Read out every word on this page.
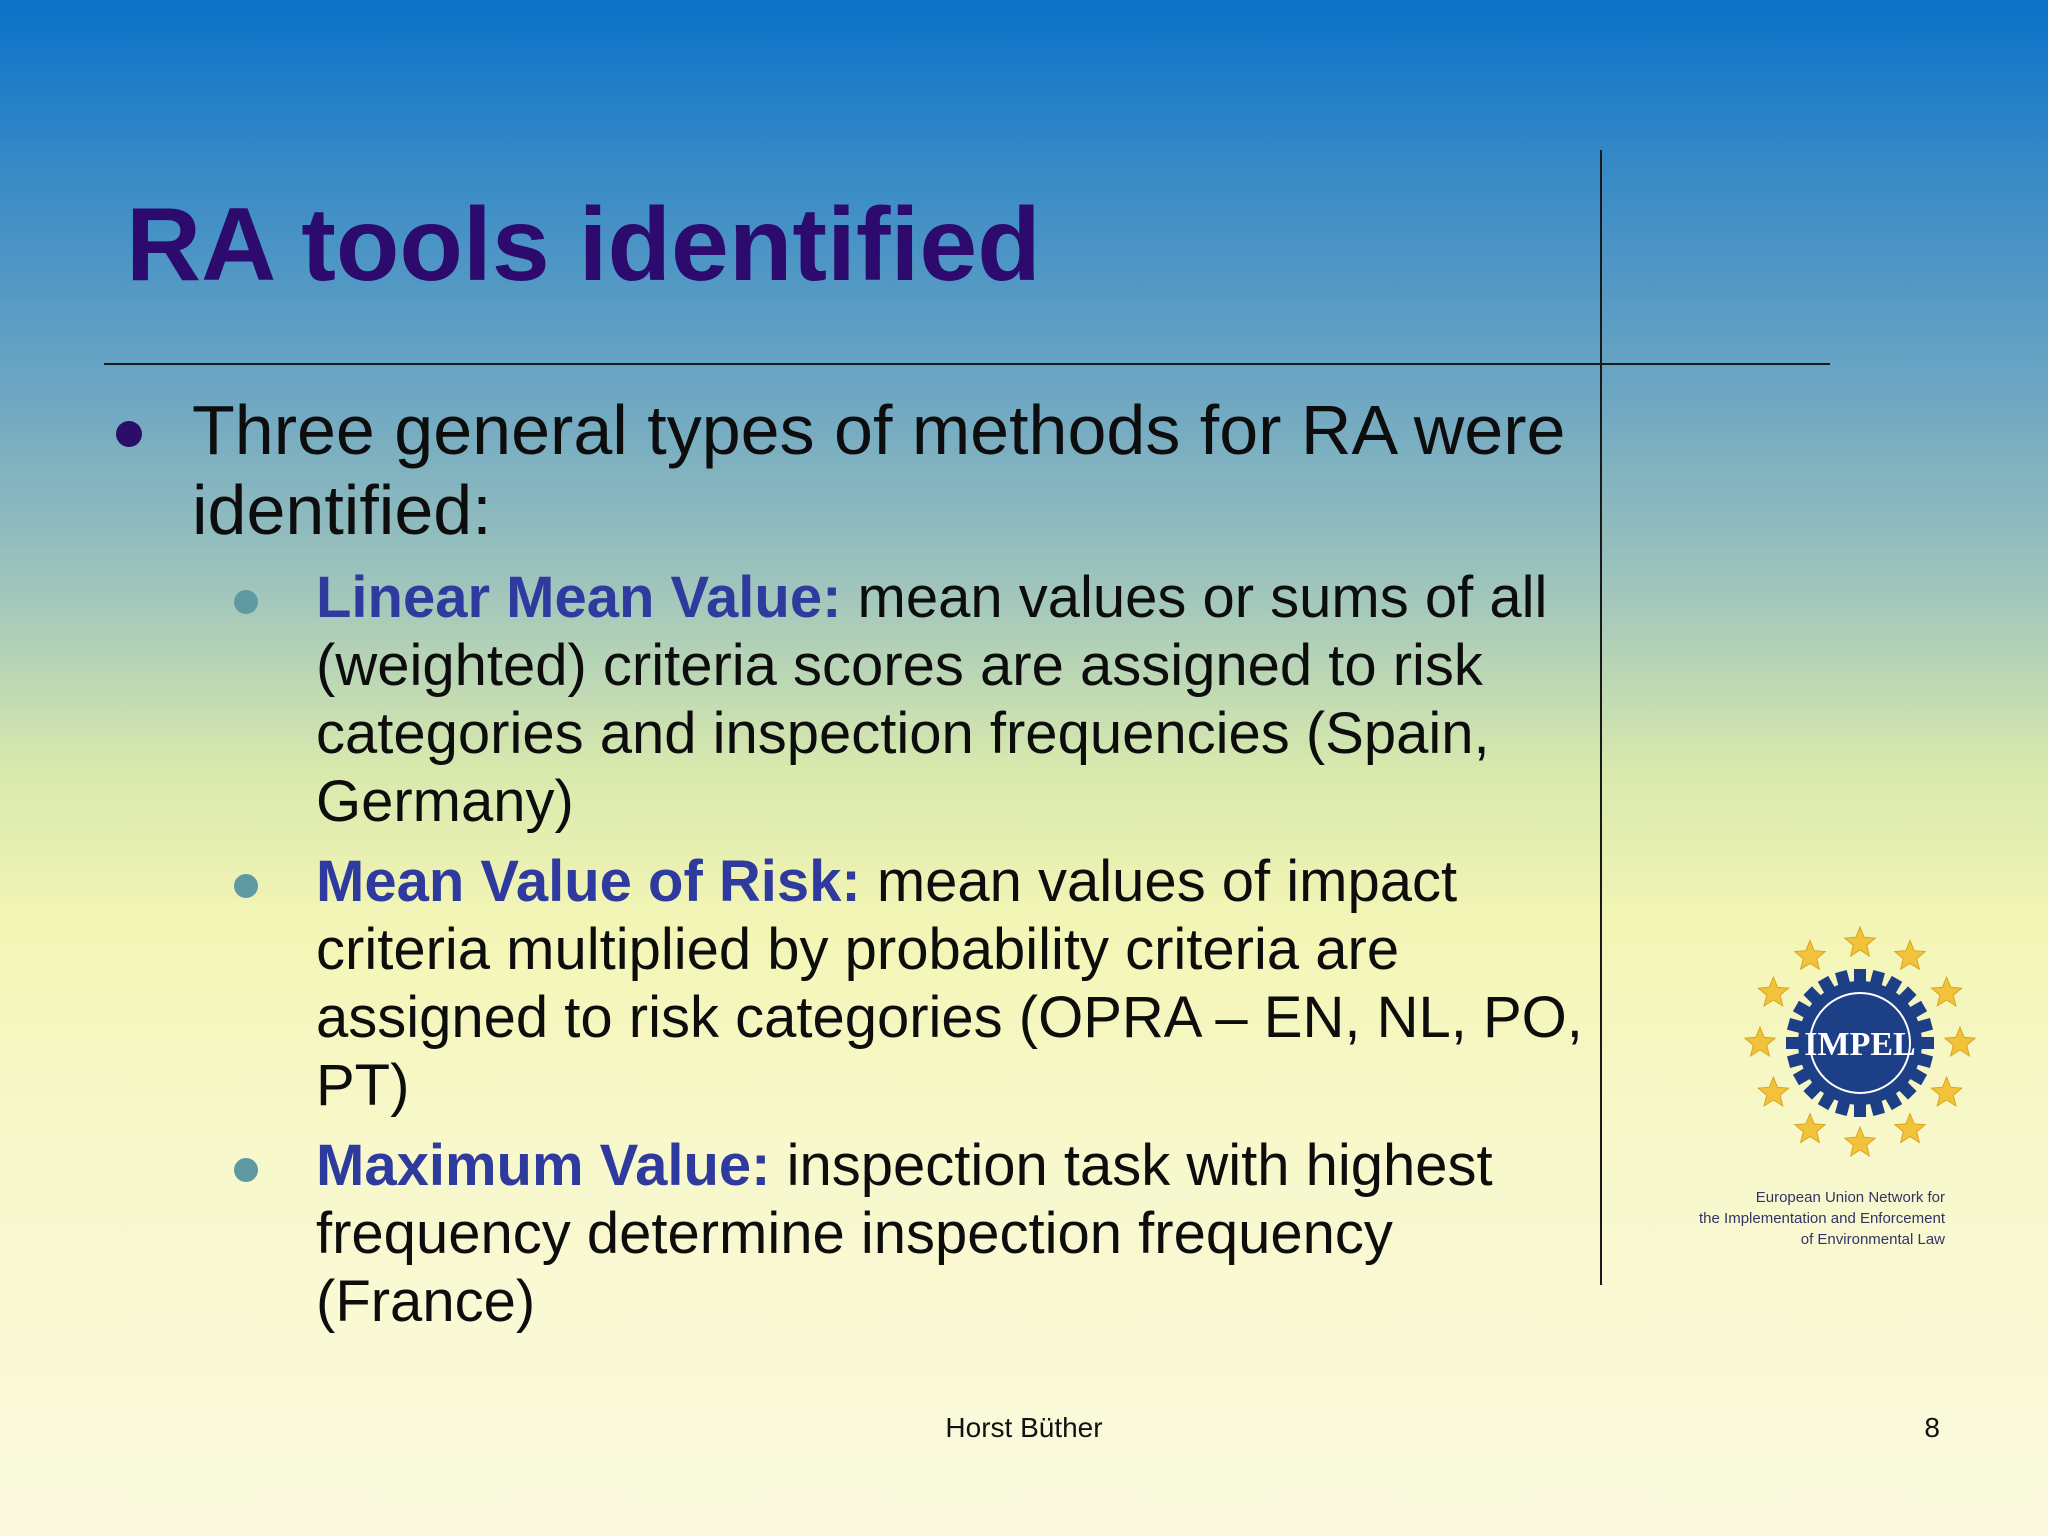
RA tools identified
Three general types of methods for RA were identified:
Linear Mean Value: mean values or sums of all (weighted) criteria scores are assigned to risk categories and inspection frequencies (Spain, Germany)
Mean Value of Risk: mean values of impact criteria multiplied by probability criteria are assigned to risk categories (OPRA – EN, NL, PO, PT)
Maximum Value: inspection task with highest frequency determine inspection frequency (France)
IMPEL
European Union Network for
the Implementation and Enforcement
of Environmental Law
Horst Büther	8
